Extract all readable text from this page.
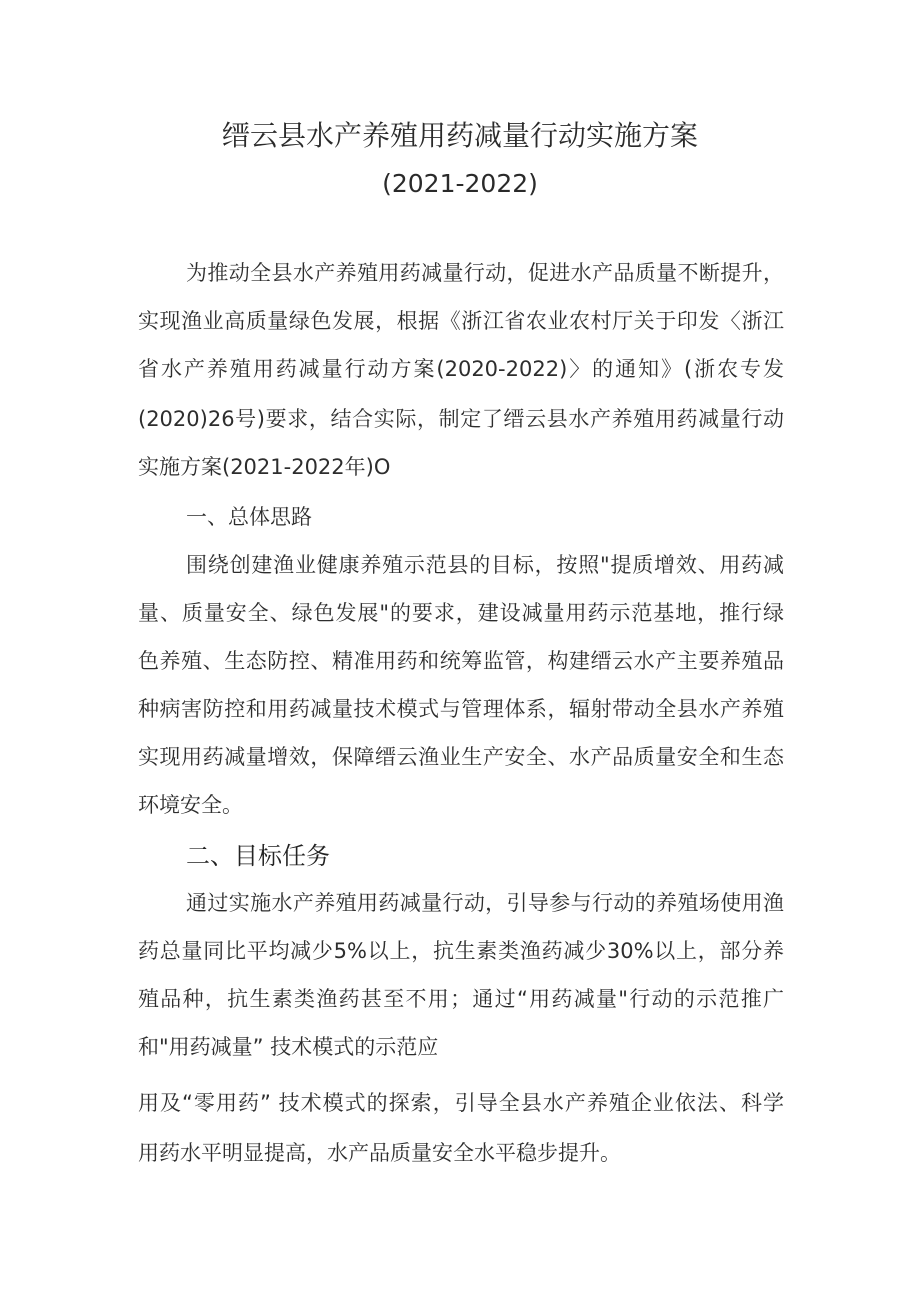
缙云县水产养殖用药减量行动实施方案
(2021-2022)
为推动全县水产养殖用药减量行动，促进水产品质量不断提升，
实现渔业高质量绿色发展，根据《浙江省农业农村厅关于印发〈浙江
省水产养殖用药减量行动方案(2020-2022)〉的通知》(浙农专发
(2020)26号)要求，结合实际，制定了缙云县水产养殖用药减量行动
实施方案(2021-2022年)O
一、总体思路
围绕创建渔业健康养殖示范县的目标，按照"提质增效、用药减
量、质量安全、绿色发展"的要求，建设减量用药示范基地，推行绿
色养殖、生态防控、精准用药和统筹监管，构建缙云水产主要养殖品
种病害防控和用药减量技术模式与管理体系，辐射带动全县水产养殖
实现用药减量增效，保障缙云渔业生产安全、水产品质量安全和生态
环境安全。
二、目标任务
通过实施水产养殖用药减量行动，引导参与行动的养殖场使用渔
药总量同比平均减少5%以上，抗生素类渔药减少30%以上，部分养
殖品种，抗生素类渔药甚至不用；通过“用药减量"行动的示范推广
和"用药减量” 技术模式的示范应
用及“零用药” 技术模式的探索，引导全县水产养殖企业依法、科学
用药水平明显提高，水产品质量安全水平稳步提升。
